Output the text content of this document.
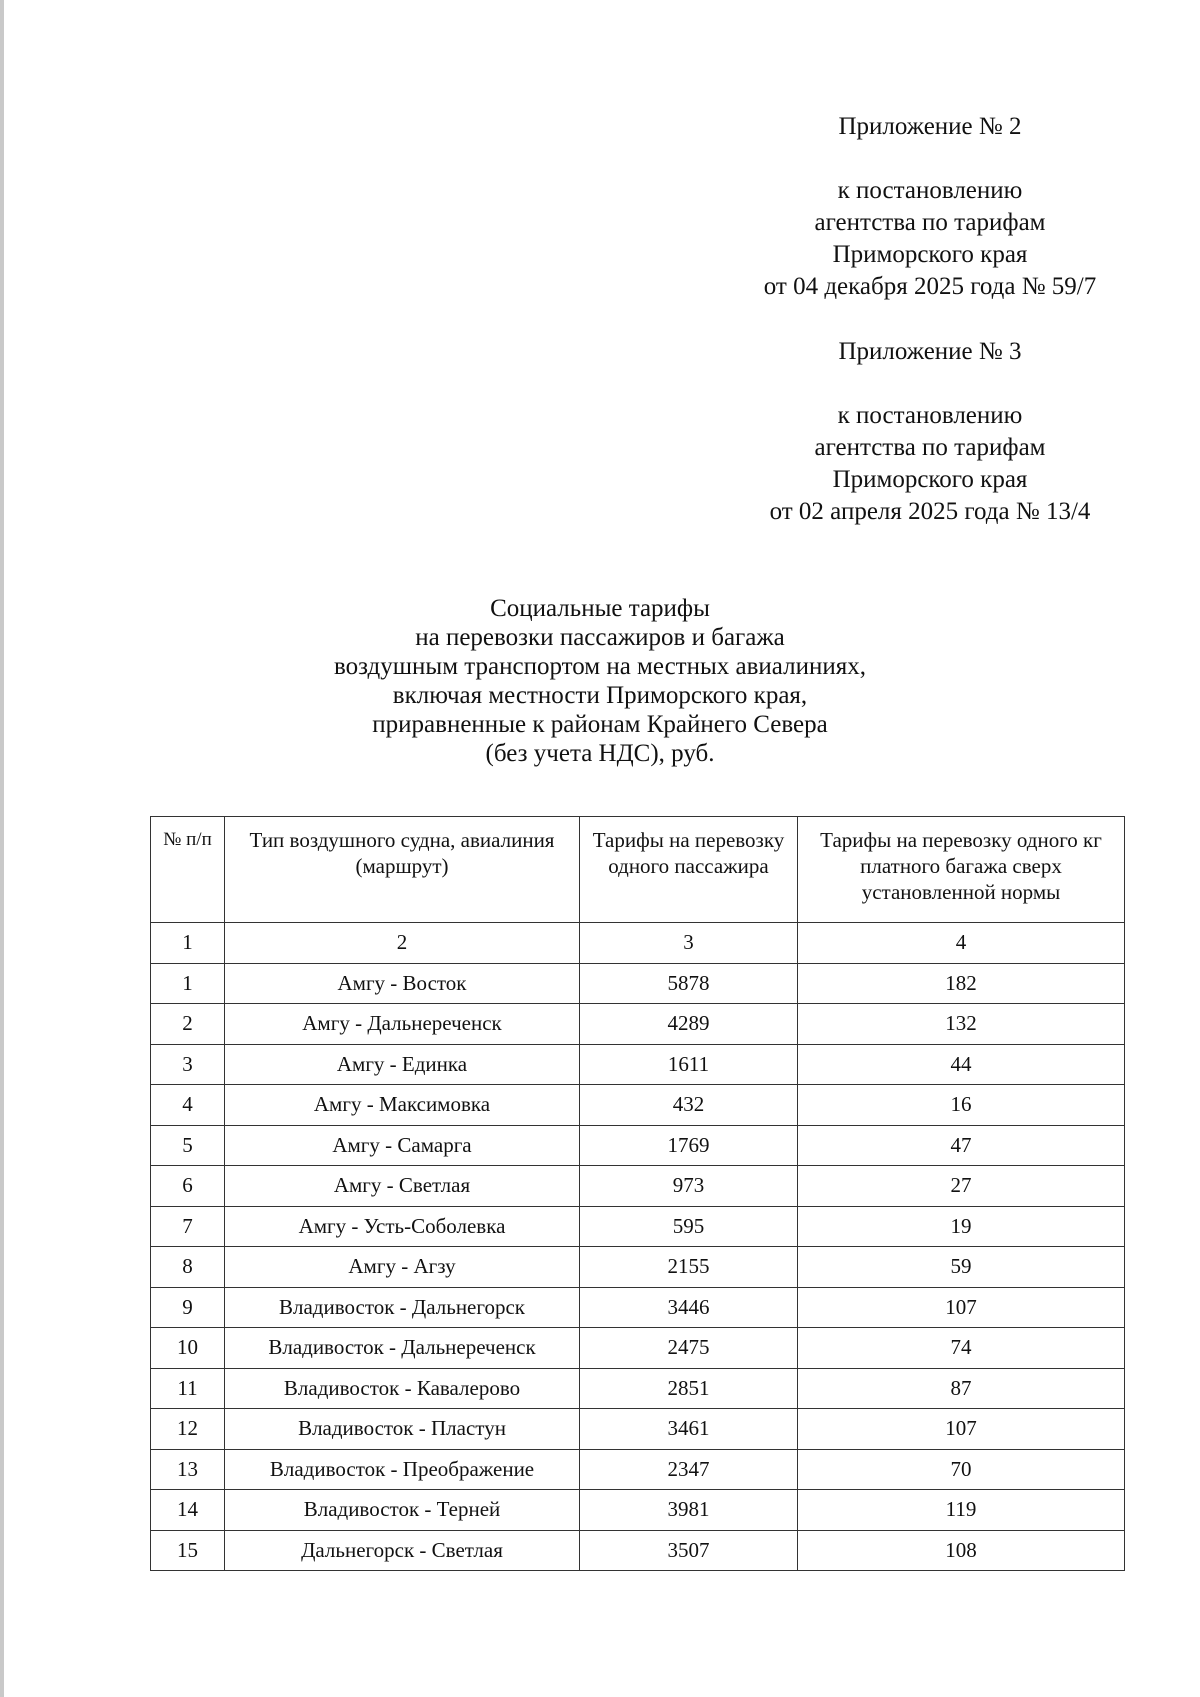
Приложение № 2
к постановлению
агентства по тарифам
Приморского края
от 04 декабря 2025 года № 59/7
Приложение № 3
к постановлению
агентства по тарифам
Приморского края
от 02 апреля 2025 года № 13/4
Социальные тарифы
на перевозки пассажиров и багажа
воздушным транспортом на местных авиалиниях,
включая местности Приморского края,
приравненные к районам Крайнего Севера
(без учета НДС), руб.
№ п/п	Тип воздушного судна, авиалиния (маршрут)	Тарифы на перевозку одного пассажира	Тарифы на перевозку одного кг платного багажа сверх установленной нормы
1	2	3	4
1	Амгу - Восток	5878	182
2	Амгу - Дальнереченск	4289	132
3	Амгу - Единка	1611	44
4	Амгу - Максимовка	432	16
5	Амгу - Самарга	1769	47
6	Амгу - Светлая	973	27
7	Амгу - Усть-Соболевка	595	19
8	Амгу - Агзу	2155	59
9	Владивосток - Дальнегорск	3446	107
10	Владивосток - Дальнереченск	2475	74
11	Владивосток - Кавалерово	2851	87
12	Владивосток - Пластун	3461	107
13	Владивосток - Преображение	2347	70
14	Владивосток - Терней	3981	119
15	Дальнегорск - Светлая	3507	108
